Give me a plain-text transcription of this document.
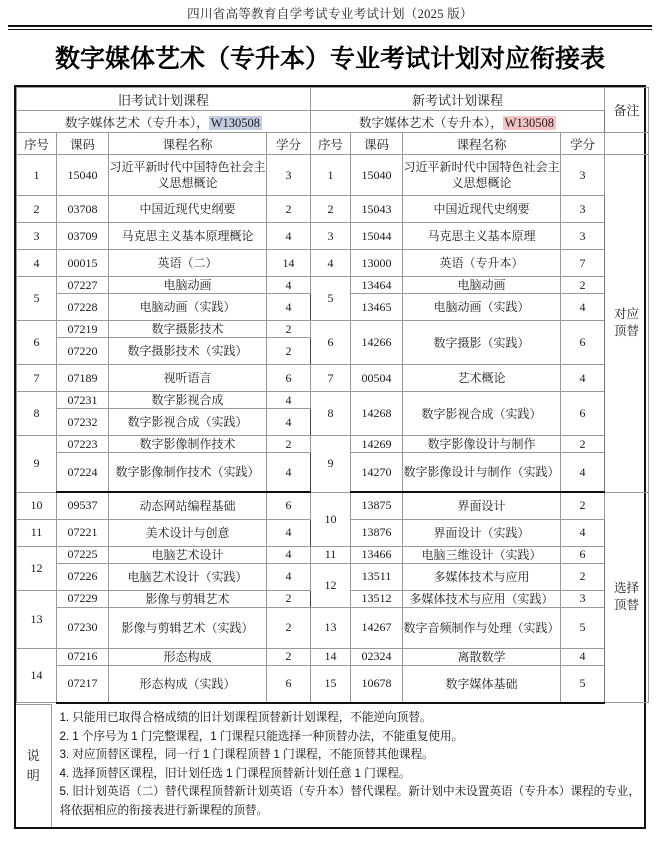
四川省高等教育自学考试专业考试计划（2025 版）
数字媒体艺术（专升本）专业考试计划对应衔接表
旧考试计划课程				新考试计划课程				备注
数字媒体艺术（专升本）， W130508				数字媒体艺术（专升本）， W130508				
序号	课码	课程名称	学分	序号	课码	课程名称	学分	
1	15040	习近平新时代中国特色社会主义思想概论	3	1	15040	习近平新时代中国特色社会主义思想概论	3	对应
顶替

2	03708	中国近现代史纲要	2	2	15043	中国近现代史纲要	3	
3	03709	马克思主义基本原理概论	4	3	15044	马克思主义基本原理	3	
4	00015	英语（二）	14	4	13000	英语（专升本）	7	
5	07227	电脑动画	4	5	13464	电脑动画	2	
	07228	电脑动画（实践）	4		13465	电脑动画（实践）	4	
6	07219	数字摄影技术	2	6	14266	数字摄影（实践）	6	
	07220	数字摄影技术（实践）	2					
7	07189	视听语言	6	7	00504	艺术概论	4	
8	07231	数字影视合成	4	8	14268	数字影视合成（实践）	6	
	07232	数字影视合成（实践）	4					
9	07223	数字影像制作技术	2	9	14269	数字影像设计与制作	2	
	07224	数字影像制作技术（实践）	4		14270	数字影像设计与制作（实践）	4	
10	09537	动态网站编程基础	6	10	13875	界面设计	2	选择
顶替

11	07221	美术设计与创意	4		13876	界面设计（实践）	4	
12	07225	电脑艺术设计	4	11	13466	电脑三维设计（实践）	6	
	07226	电脑艺术设计（实践）	4	12	13511	多媒体技术与应用	2	
13	07229	影像与剪辑艺术	2		13512	多媒体技术与应用（实践）	3	
	07230	影像与剪辑艺术（实践）	2	13	14267	数字音频制作与处理（实践）	5	
14	07216	形态构成	2	14	02324	离散数学	4	
	07217	形态构成（实践）	6	15	10678	数字媒体基础	5	
说
明

1. 只能用已取得合格成绩的旧计划课程顶替新计划课程，不能逆向顶替。
2. 1 个序号为 1 门完整课程，1 门课程只能选择一种顶替办法，不能重复使用。
3. 对应顶替区课程，同一行 1 门课程顶替 1 门课程，不能顶替其他课程。
4. 选择顶替区课程，旧计划任选 1 门课程顶替新计划任意 1 门课程。
5. 旧计划英语（二）替代课程顶替新计划英语（专升本）替代课程。新计划中未设置英语（专升本）课程的专业，将依据相应的衔接表进行新课程的顶替。
